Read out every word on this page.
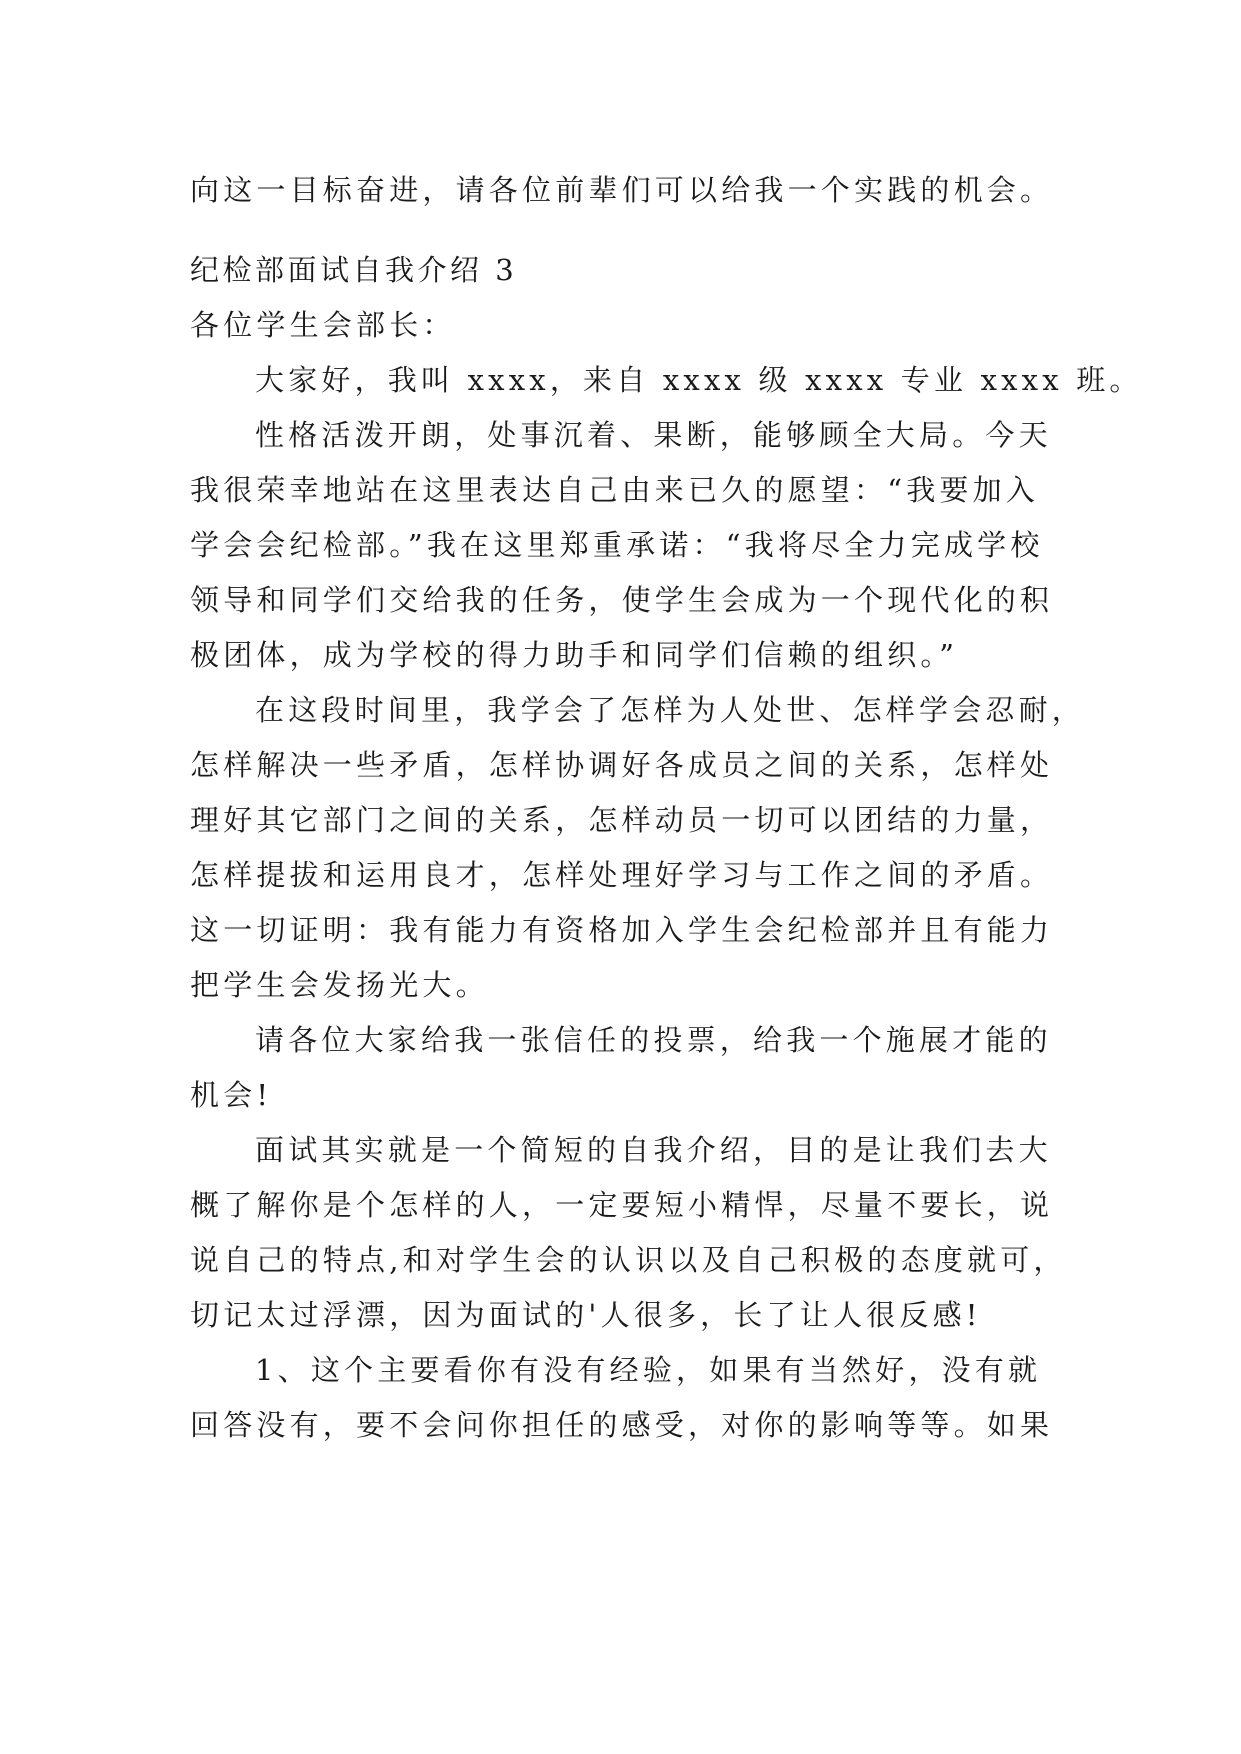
向这一目标奋进，请各位前辈们可以给我一个实践的机会。

纪检部面试自我介绍 3

各位学生会部长：

大家好，我叫 xxxx，来自 xxxx 级 xxxx 专业 xxxx 班。

性格活泼开朗，处事沉着、果断，能够顾全大局。今天

我很荣幸地站在这里表达自己由来已久的愿望：“我要加入

学会会纪检部。”我在这里郑重承诺：“我将尽全力完成学校

领导和同学们交给我的任务，使学生会成为一个现代化的积

极团体，成为学校的得力助手和同学们信赖的组织。”

在这段时间里，我学会了怎样为人处世、怎样学会忍耐，

怎样解决一些矛盾，怎样协调好各成员之间的关系，怎样处

理好其它部门之间的关系，怎样动员一切可以团结的力量，

怎样提拔和运用良才，怎样处理好学习与工作之间的矛盾。

这一切证明：我有能力有资格加入学生会纪检部并且有能力

把学生会发扬光大。

请各位大家给我一张信任的投票，给我一个施展才能的

机会!

面试其实就是一个简短的自我介绍，目的是让我们去大

概了解你是个怎样的人，一定要短小精悍，尽量不要长，说

说自己的特点,和对学生会的认识以及自己积极的态度就可，

切记太过浮漂，因为面试的'人很多，长了让人很反感!

1、这个主要看你有没有经验，如果有当然好，没有就

回答没有，要不会问你担任的感受，对你的影响等等。如果
